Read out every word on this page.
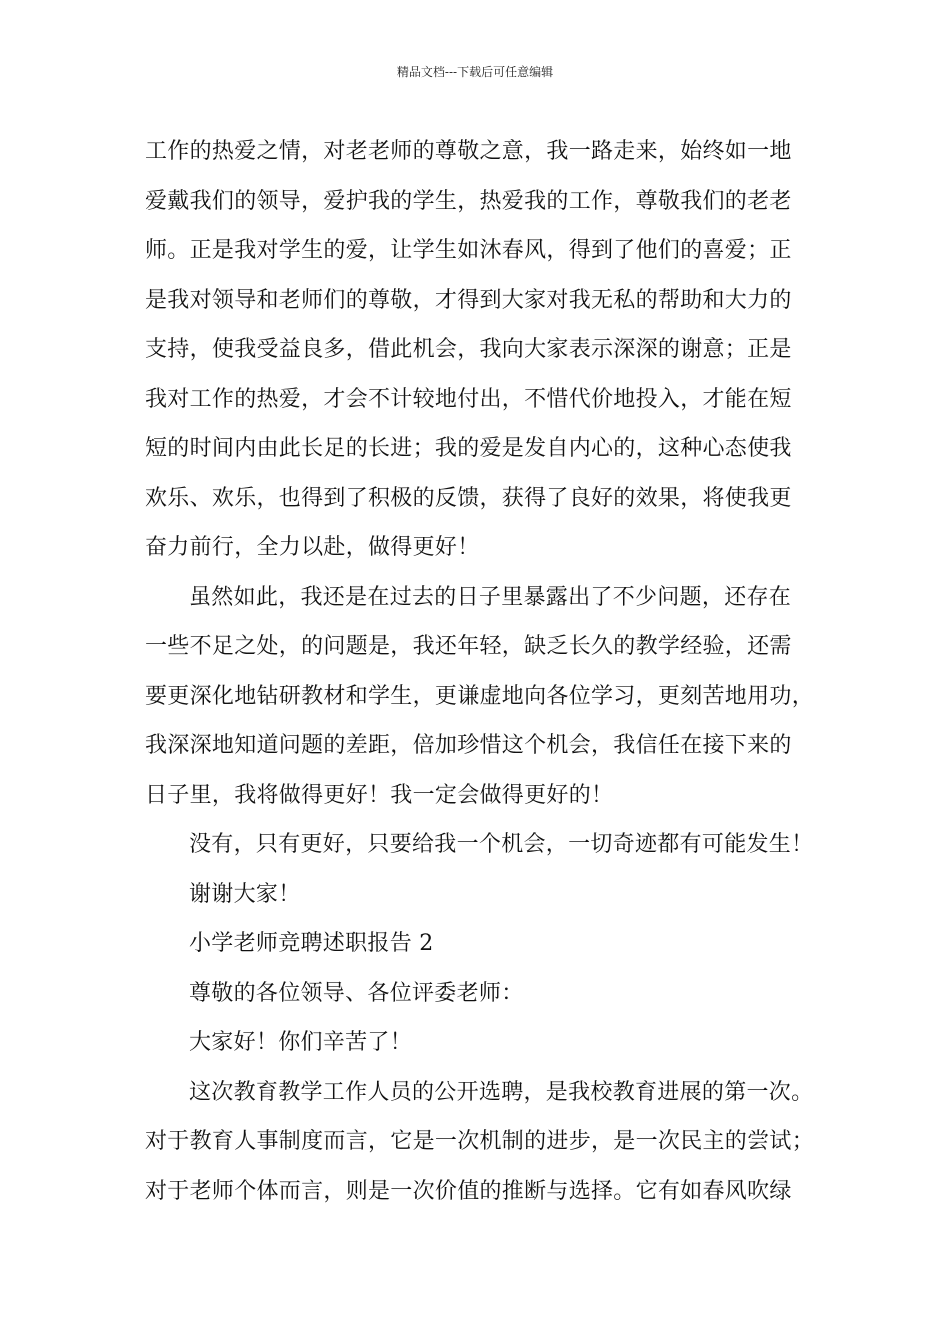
精品文档---下载后可任意编辑
工作的热爱之情，对老老师的尊敬之意，我一路走来，始终如一地
爱戴我们的领导，爱护我的学生，热爱我的工作，尊敬我们的老老
师。正是我对学生的爱，让学生如沐春风，得到了他们的喜爱；正
是我对领导和老师们的尊敬，才得到大家对我无私的帮助和大力的
支持，使我受益良多，借此机会，我向大家表示深深的谢意；正是
我对工作的热爱，才会不计较地付出，不惜代价地投入，才能在短
短的时间内由此长足的长进；我的爱是发自内心的，这种心态使我
欢乐、欢乐，也得到了积极的反馈，获得了良好的效果，将使我更
奋力前行，全力以赴，做得更好！
虽然如此，我还是在过去的日子里暴露出了不少问题，还存在
一些不足之处，的问题是，我还年轻，缺乏长久的教学经验，还需
要更深化地钻研教材和学生，更谦虚地向各位学习，更刻苦地用功，
我深深地知道问题的差距，倍加珍惜这个机会，我信任在接下来的
日子里，我将做得更好！我一定会做得更好的！
没有，只有更好，只要给我一个机会，一切奇迹都有可能发生！
谢谢大家！
小学老师竞聘述职报告 2
尊敬的各位领导、各位评委老师：
大家好！你们辛苦了！
这次教育教学工作人员的公开选聘，是我校教育进展的第一次。
对于教育人事制度而言，它是一次机制的进步，是一次民主的尝试；
对于老师个体而言，则是一次价值的推断与选择。它有如春风吹绿
